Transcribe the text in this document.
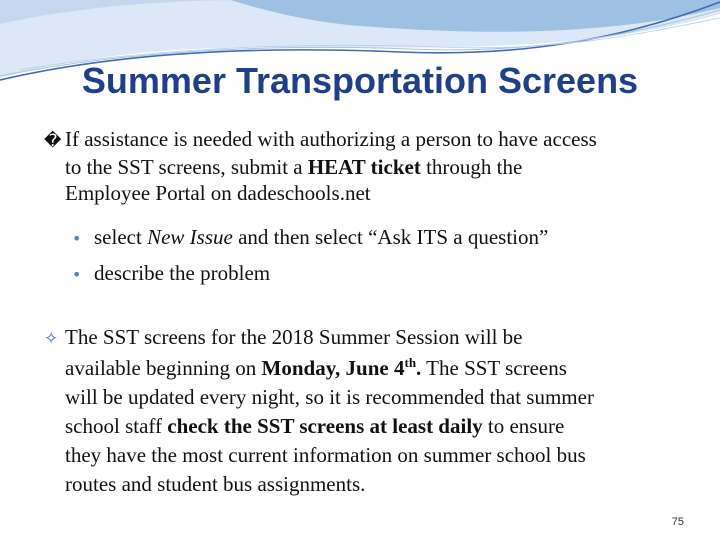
Summer Transportation Screens
� If assistance is needed with authorizing a person to have access
to the SST screens, submit a HEAT ticket through the
Employee Portal on dadeschools.net
• select New Issue and then select “Ask ITS a question”
• describe the problem
✧ The SST screens for the 2018 Summer Session will be
available beginning on Monday, June 4th. The SST screens
will be updated every night, so it is recommended that summer
school staff check the SST screens at least daily to ensure
they have the most current information on summer school bus
routes and student bus assignments.
75
